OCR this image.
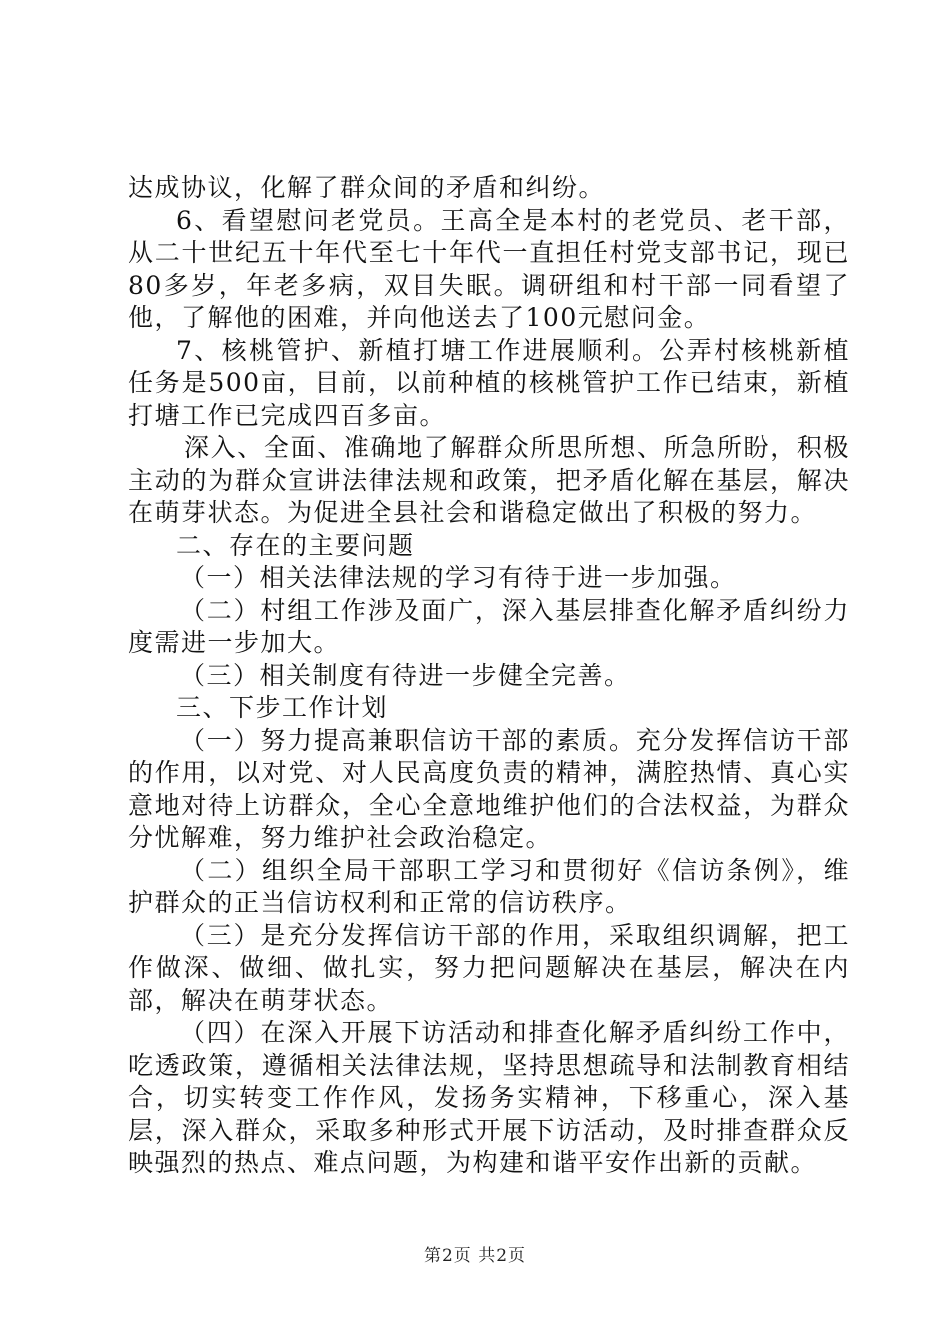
达成协议，化解了群众间的矛盾和纠纷。

6、看望慰问老党员。王高全是本村的老党员、老干部，从二十世纪五十年代至七十年代一直担任村党支部书记，现已80多岁，年老多病，双目失眠。调研组和村干部一同看望了他，了解他的困难，并向他送去了100元慰问金。

7、核桃管护、新植打塘工作进展顺利。公弄村核桃新植任务是500亩，目前，以前种植的核桃管护工作已结束，新植打塘工作已完成四百多亩。

深入、全面、准确地了解群众所思所想、所急所盼，积极主动的为群众宣讲法律法规和政策，把矛盾化解在基层，解决在萌芽状态。为促进全县社会和谐稳定做出了积极的努力。

二、存在的主要问题

（一）相关法律法规的学习有待于进一步加强。

（二）村组工作涉及面广，深入基层排查化解矛盾纠纷力度需进一步加大。

（三）相关制度有待进一步健全完善。

三、下步工作计划

（一）努力提高兼职信访干部的素质。充分发挥信访干部的作用，以对党、对人民高度负责的精神，满腔热情、真心实意地对待上访群众，全心全意地维护他们的合法权益，为群众分忧解难，努力维护社会政治稳定。

（二）组织全局干部职工学习和贯彻好《信访条例》，维护群众的正当信访权利和正常的信访秩序。

（三）是充分发挥信访干部的作用，采取组织调解，把工作做深、做细、做扎实，努力把问题解决在基层，解决在内部，解决在萌芽状态。

（四）在深入开展下访活动和排查化解矛盾纠纷工作中，吃透政策，遵循相关法律法规，坚持思想疏导和法制教育相结合，切实转变工作作风，发扬务实精神，下移重心，深入基层，深入群众，采取多种形式开展下访活动，及时排查群众反映强烈的热点、难点问题，为构建和谐平安作出新的贡献。

第2页 共2页
